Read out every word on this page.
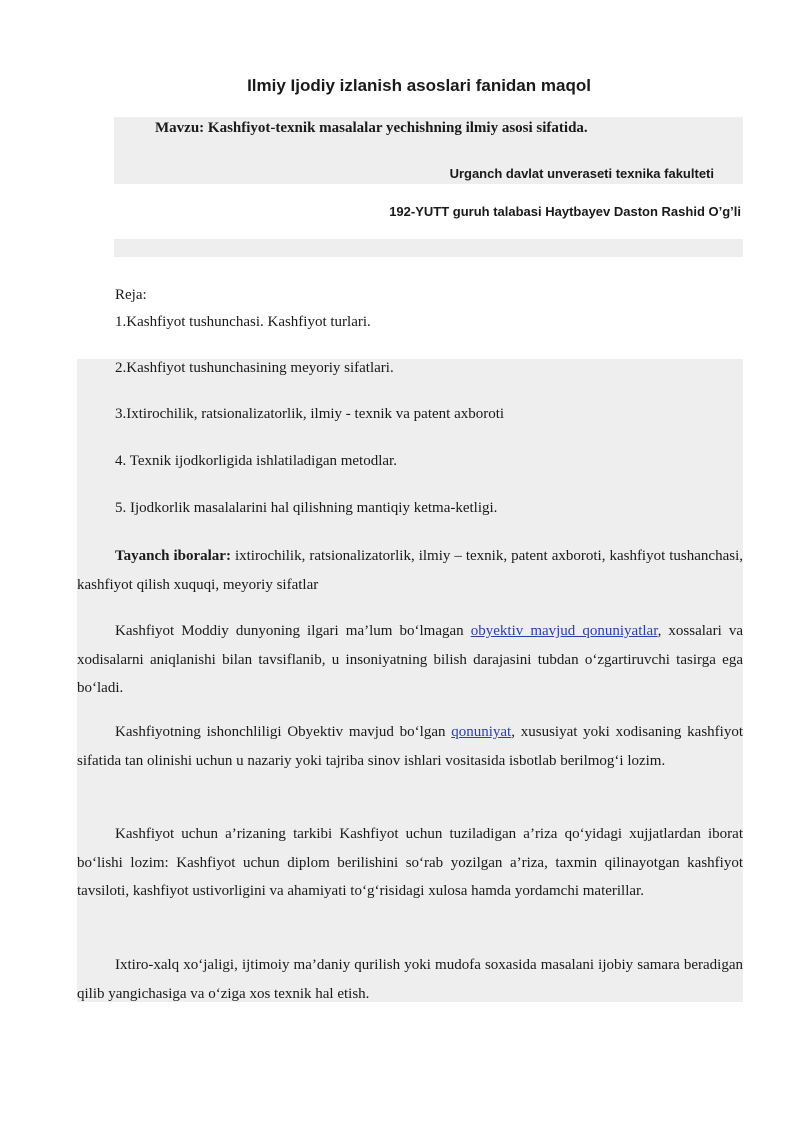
Ilmiy Ijodiy izlanish asoslari fanidan maqol
Mavzu: Kashfiyot-texnik masalalar yechishning ilmiy asosi sifatida.
Urganch davlat unveraseti texnika fakulteti
192-YUTT guruh talabasi Haytbayev Daston Rashid O’g’li
Reja:
1.Kashfiyot tushunchasi. Kashfiyot turlari.
2.Kashfiyot tushunchasining meyoriy sifatlari.
3.Ixtirochilik, ratsionalizatorlik, ilmiy - texnik va patent axboroti
4. Texnik ijodkorligida ishlatiladigan metodlar.
5. Ijodkorlik masalalarini hal qilishning mantiqiy ketma-ketligi.
Tayanch iboralar: ixtirochilik, ratsionalizatorlik, ilmiy – texnik, patent axboroti, kashfiyot tushanchasi, kashfiyot qilish xuquqi, meyoriy sifatlar
Kashfiyot Moddiy dunyoning ilgari ma’lum bo‘lmagan obyektiv mavjud qonuniyatlar, xossalari va xodisalarni aniqlanishi bilan tavsiflanib, u insoniyatning bilish darajasini tubdan o‘zgartiruvchi tasirga ega bo‘ladi.
Kashfiyotning ishonchliligi Obyektiv mavjud bo‘lgan qonuniyat, xususiyat yoki xodisaning kashfiyot sifatida tan olinishi uchun u nazariy yoki tajriba sinov ishlari vositasida isbotlab berilmog‘i lozim.
Kashfiyot uchun a’rizaning tarkibi Kashfiyot uchun tuziladigan a’riza qo‘yidagi xujjatlardan iborat bo‘lishi lozim: Kashfiyot uchun diplom berilishini so‘rab yozilgan a’riza, taxmin qilinayotgan kashfiyot tavsiloti, kashfiyot ustivorligini va ahamiyati to‘g‘risidagi xulosa hamda yordamchi materillar.
Ixtiro-xalq xo‘jaligi, ijtimoiy ma’daniy qurilish yoki mudofa soxasida masalani ijobiy samara beradigan qilib yangichasiga va o‘ziga xos texnik hal etish.
